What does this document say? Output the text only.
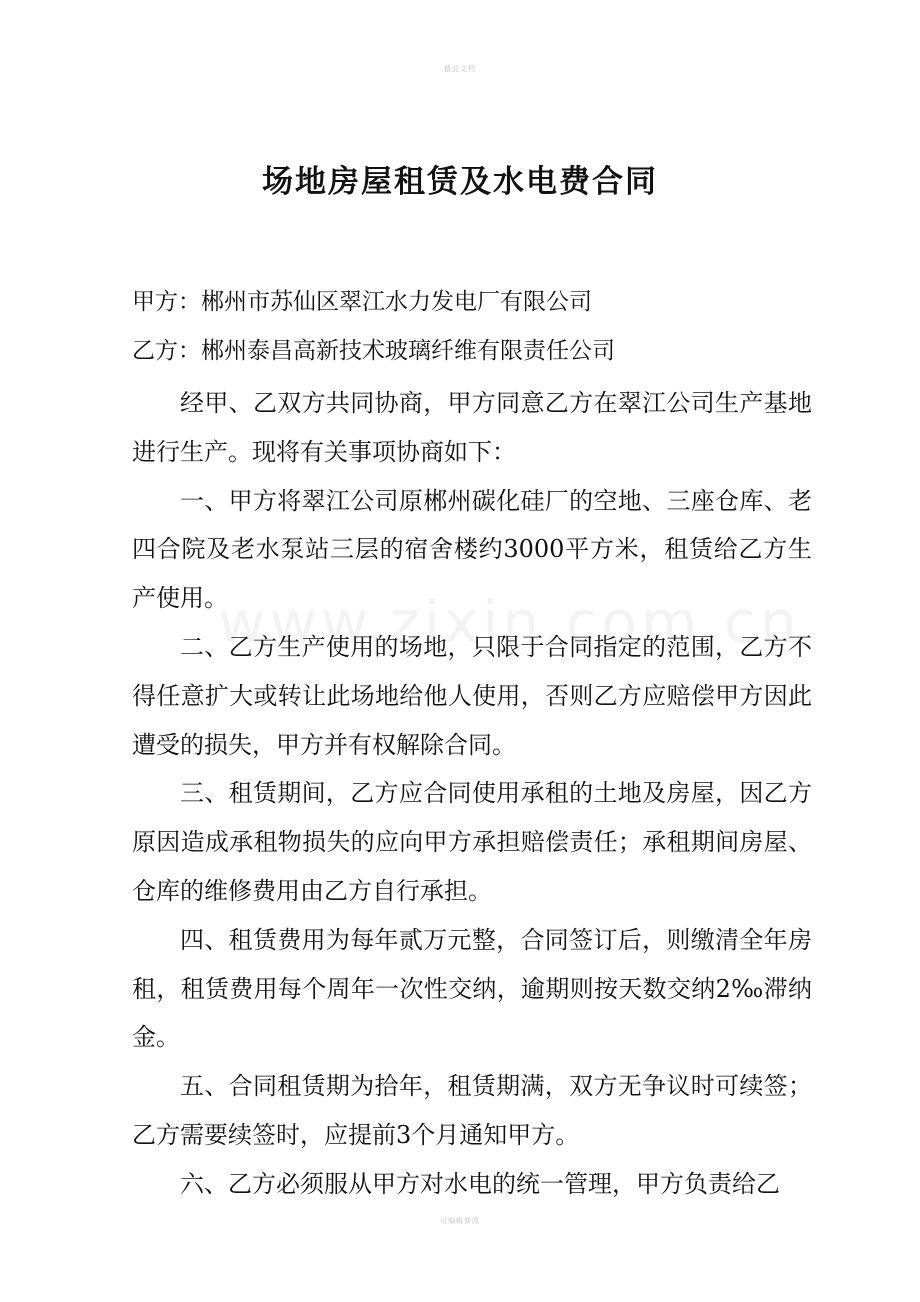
精品文档
场地房屋租赁及水电费合同
甲方：郴州市苏仙区翠江水力发电厂有限公司
乙方：郴州泰昌高新技术玻璃纤维有限责任公司

经甲、乙双方共同协商，甲方同意乙方在翠江公司生产基地进行生产。现将有关事项协商如下：

一、甲方将翠江公司原郴州碳化硅厂的空地、三座仓库、老四合院及老水泵站三层的宿舍楼约3000平方米，租赁给乙方生产使用。

二、乙方生产使用的场地，只限于合同指定的范围，乙方不得任意扩大或转让此场地给他人使用，否则乙方应赔偿甲方因此遭受的损失，甲方并有权解除合同。

三、租赁期间，乙方应合同使用承租的土地及房屋，因乙方原因造成承租物损失的应向甲方承担赔偿责任；承租期间房屋、仓库的维修费用由乙方自行承担。

四、租赁费用为每年贰万元整，合同签订后，则缴清全年房租，租赁费用每个周年一次性交纳，逾期则按天数交纳2‰滞纳金。

五、合同租赁期为拾年，租赁期满，双方无争议时可续签；乙方需要续签时，应提前3个月通知甲方。

六、乙方必须服从甲方对水电的统一管理，甲方负责给乙

可编辑修改
